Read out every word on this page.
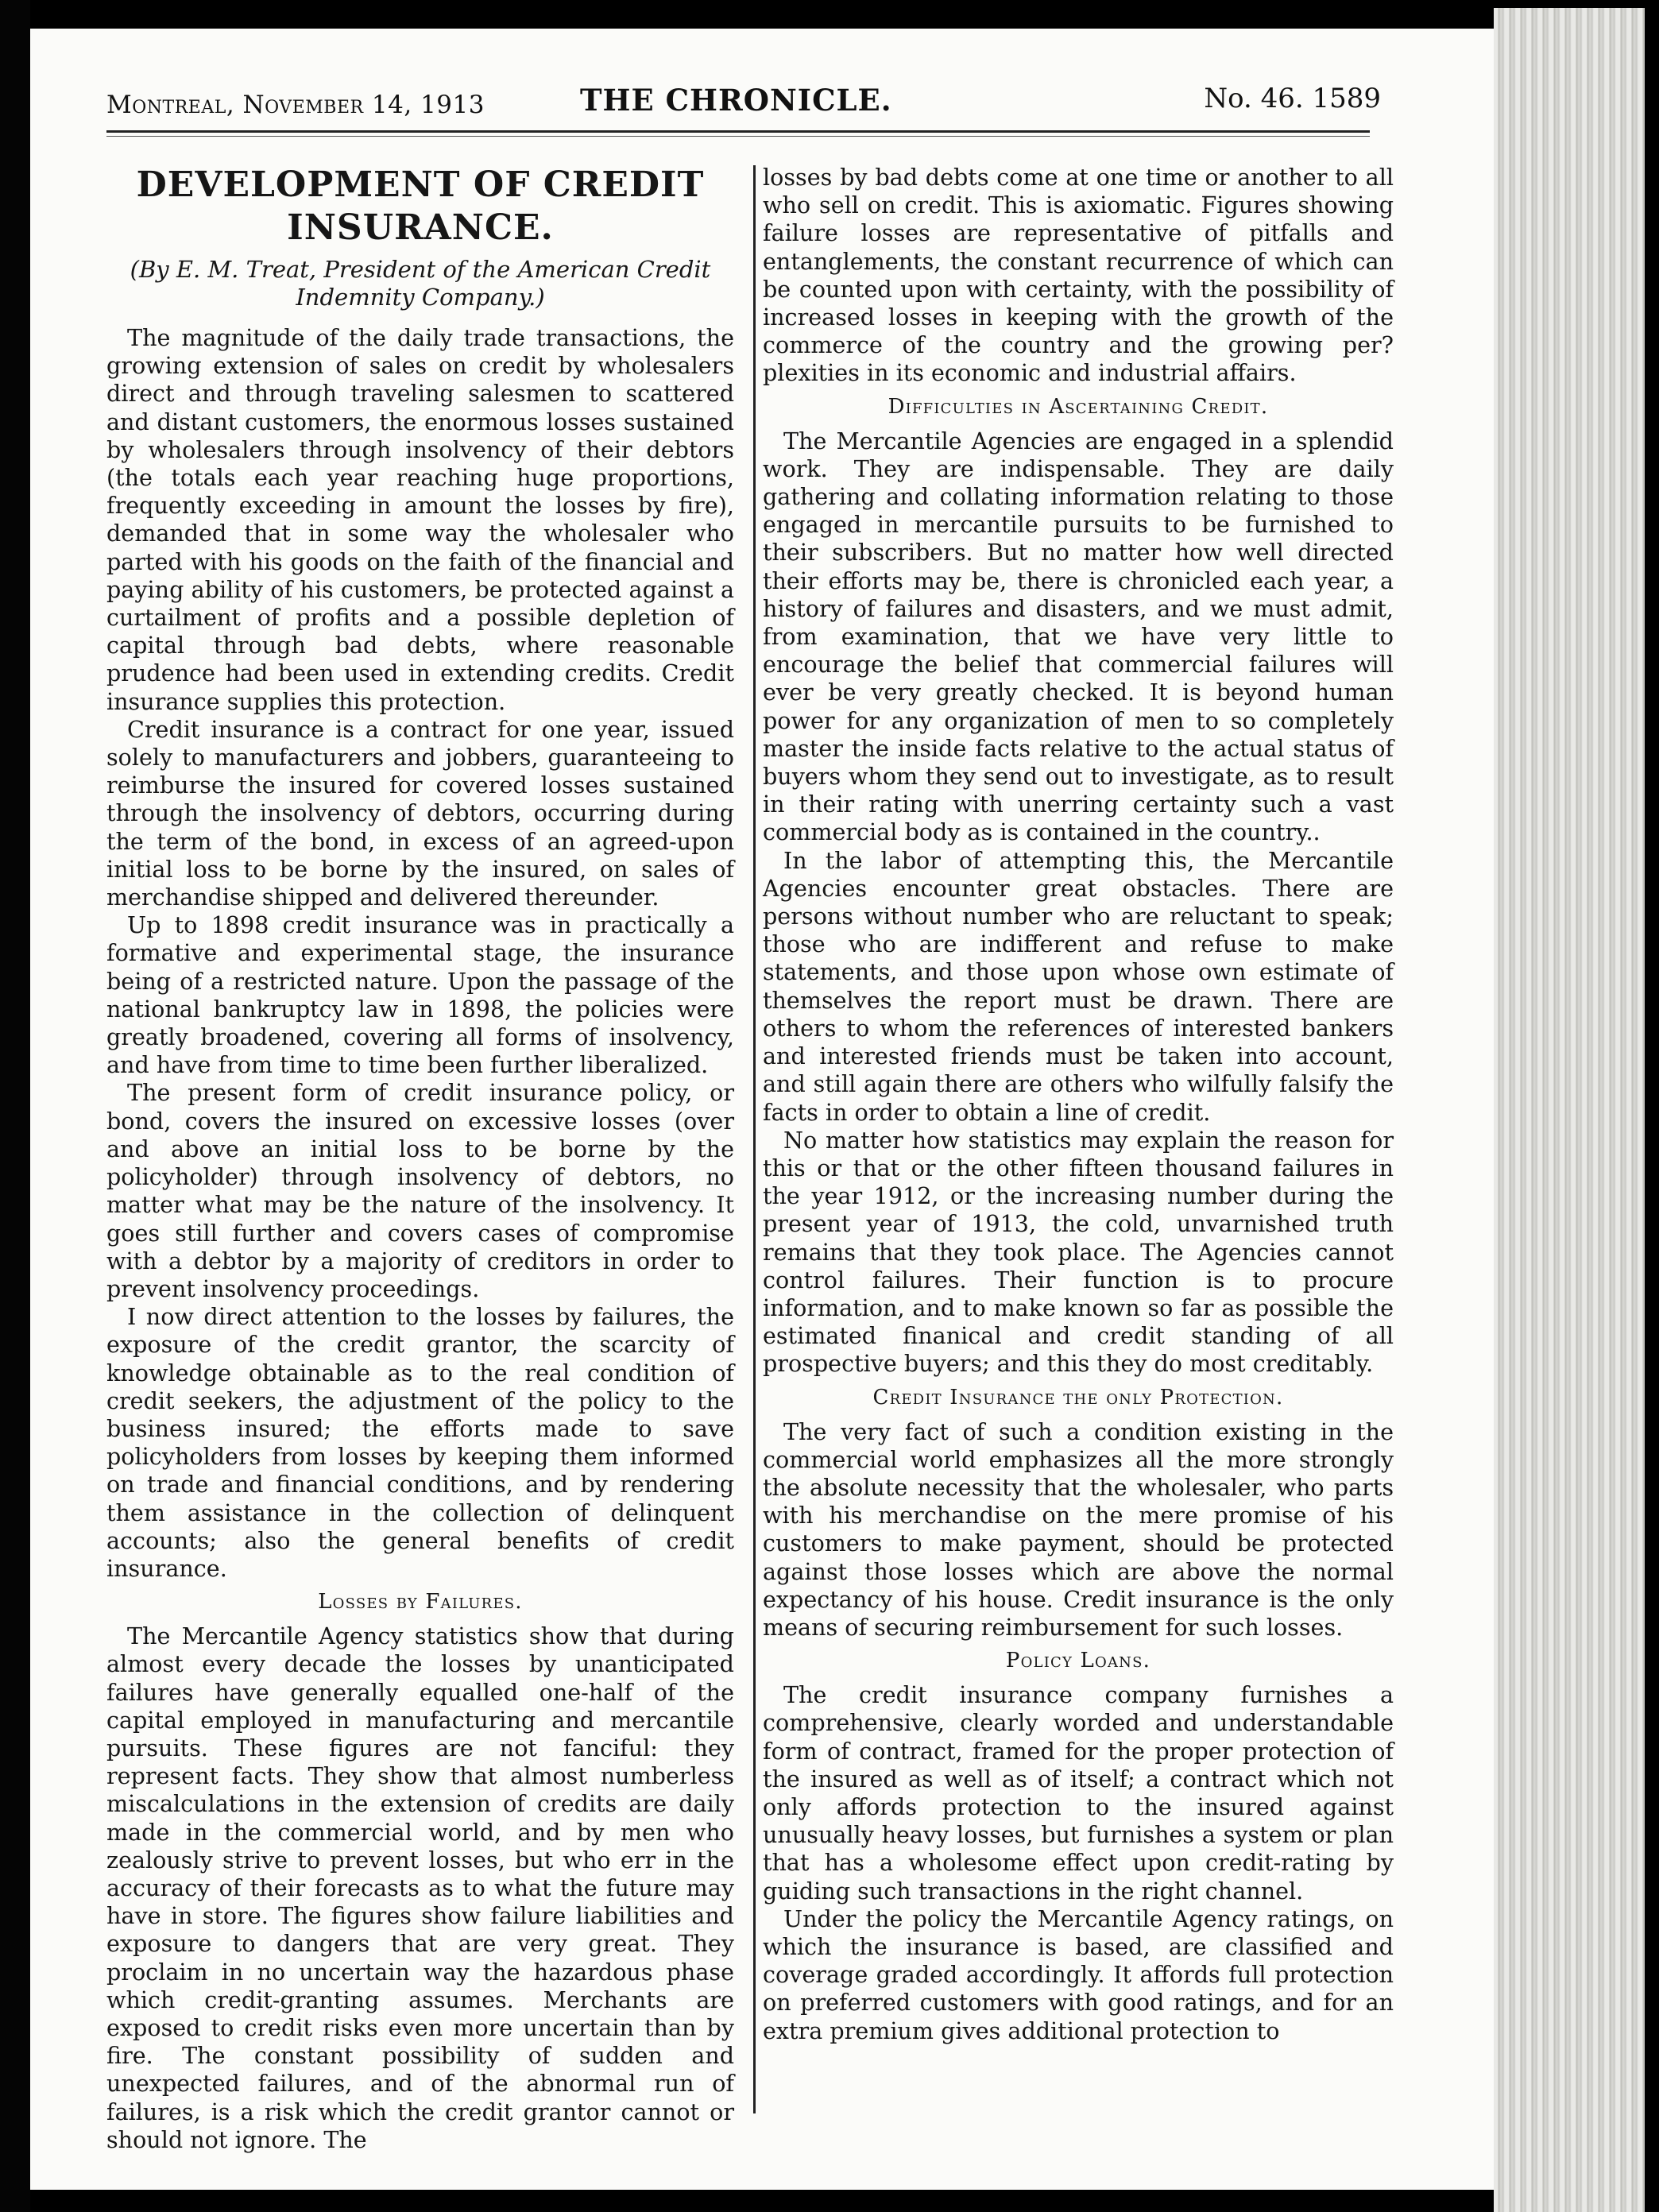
Montreal, November 14, 1913	THE CHRONICLE.	No. 46. 1589
DEVELOPMENT OF CREDIT INSURANCE.
(By E. M. Treat, President of the American Credit Indemnity Company.)

The magnitude of the daily trade transactions, the growing extension of sales on credit by wholesalers direct and through traveling salesmen to scattered and distant customers, the enormous losses sustained by wholesalers through insolvency of their debtors (the totals each year reaching huge proportions, frequently exceeding in amount the losses by fire), demanded that in some way the wholesaler who parted with his goods on the faith of the financial and paying ability of his customers, be protected against a curtailment of profits and a possible depletion of capital through bad debts, where reasonable prudence had been used in extending credits. Credit insurance supplies this protection.

Credit insurance is a contract for one year, issued solely to manufacturers and jobbers, guaranteeing to reimburse the insured for covered losses sustained through the insolvency of debtors, occurring during the term of the bond, in excess of an agreed-upon initial loss to be borne by the insured, on sales of merchandise shipped and delivered thereunder.

Up to 1898 credit insurance was in practically a formative and experimental stage, the insurance being of a restricted nature. Upon the passage of the national bankruptcy law in 1898, the policies were greatly broadened, covering all forms of insolvency, and have from time to time been further liberalized.

The present form of credit insurance policy, or bond, covers the insured on excessive losses (over and above an initial loss to be borne by the policyholder) through insolvency of debtors, no matter what may be the nature of the insolvency. It goes still further and covers cases of compromise with a debtor by a majority of creditors in order to prevent insolvency proceedings.

I now direct attention to the losses by failures, the exposure of the credit grantor, the scarcity of knowledge obtainable as to the real condition of credit seekers, the adjustment of the policy to the business insured; the efforts made to save policyholders from losses by keeping them informed on trade and financial conditions, and by rendering them assistance in the collection of delinquent accounts; also the general benefits of credit insurance.

Losses by Failures.

The Mercantile Agency statistics show that during almost every decade the losses by unanticipated failures have generally equalled one-half of the capital employed in manufacturing and mercantile pursuits. These figures are not fanciful: they represent facts. They show that almost numberless miscalculations in the extension of credits are daily made in the commercial world, and by men who zealously strive to prevent losses, but who err in the accuracy of their forecasts as to what the future may have in store. The figures show failure liabilities and exposure to dangers that are very great. They proclaim in no uncertain way the hazardous phase which credit-granting assumes. Merchants are exposed to credit risks even more uncertain than by fire. The constant possibility of sudden and unexpected failures, and of the abnormal run of failures, is a risk which the credit grantor cannot or should not ignore. The

losses by bad debts come at one time or another to all who sell on credit. This is axiomatic. Figures showing failure losses are representative of pitfalls and entanglements, the constant recurrence of which can be counted upon with certainty, with the possibility of increased losses in keeping with the growth of the commerce of the country and the growing per? plexities in its economic and industrial affairs.

Difficulties in Ascertaining Credit.

The Mercantile Agencies are engaged in a splendid work. They are indispensable. They are daily gathering and collating information relating to those engaged in mercantile pursuits to be furnished to their subscribers. But no matter how well directed their efforts may be, there is chronicled each year, a history of failures and disasters, and we must admit, from examination, that we have very little to encourage the belief that commercial failures will ever be very greatly checked. It is beyond human power for any organization of men to so completely master the inside facts relative to the actual status of buyers whom they send out to investigate, as to result in their rating with unerring certainty such a vast commercial body as is contained in the country..

In the labor of attempting this, the Mercantile Agencies encounter great obstacles. There are persons without number who are reluctant to speak; those who are indifferent and refuse to make statements, and those upon whose own estimate of themselves the report must be drawn. There are others to whom the references of interested bankers and interested friends must be taken into account, and still again there are others who wilfully falsify the facts in order to obtain a line of credit.

No matter how statistics may explain the reason for this or that or the other fifteen thousand failures in the year 1912, or the increasing number during the present year of 1913, the cold, unvarnished truth remains that they took place. The Agencies cannot control failures. Their function is to procure information, and to make known so far as possible the estimated finanical and credit standing of all prospective buyers; and this they do most creditably.

Credit Insurance the only Protection.

The very fact of such a condition existing in the commercial world emphasizes all the more strongly the absolute necessity that the wholesaler, who parts with his merchandise on the mere promise of his customers to make payment, should be protected against those losses which are above the normal expectancy of his house. Credit insurance is the only means of securing reimbursement for such losses.

Policy Loans.

The credit insurance company furnishes a comprehensive, clearly worded and understandable form of contract, framed for the proper protection of the insured as well as of itself; a contract which not only affords protection to the insured against unusually heavy losses, but furnishes a system or plan that has a wholesome effect upon credit-rating by guiding such transactions in the right channel.

Under the policy the Mercantile Agency ratings, on which the insurance is based, are classified and coverage graded accordingly. It affords full protection on preferred customers with good ratings, and for an extra premium gives additional protection to
